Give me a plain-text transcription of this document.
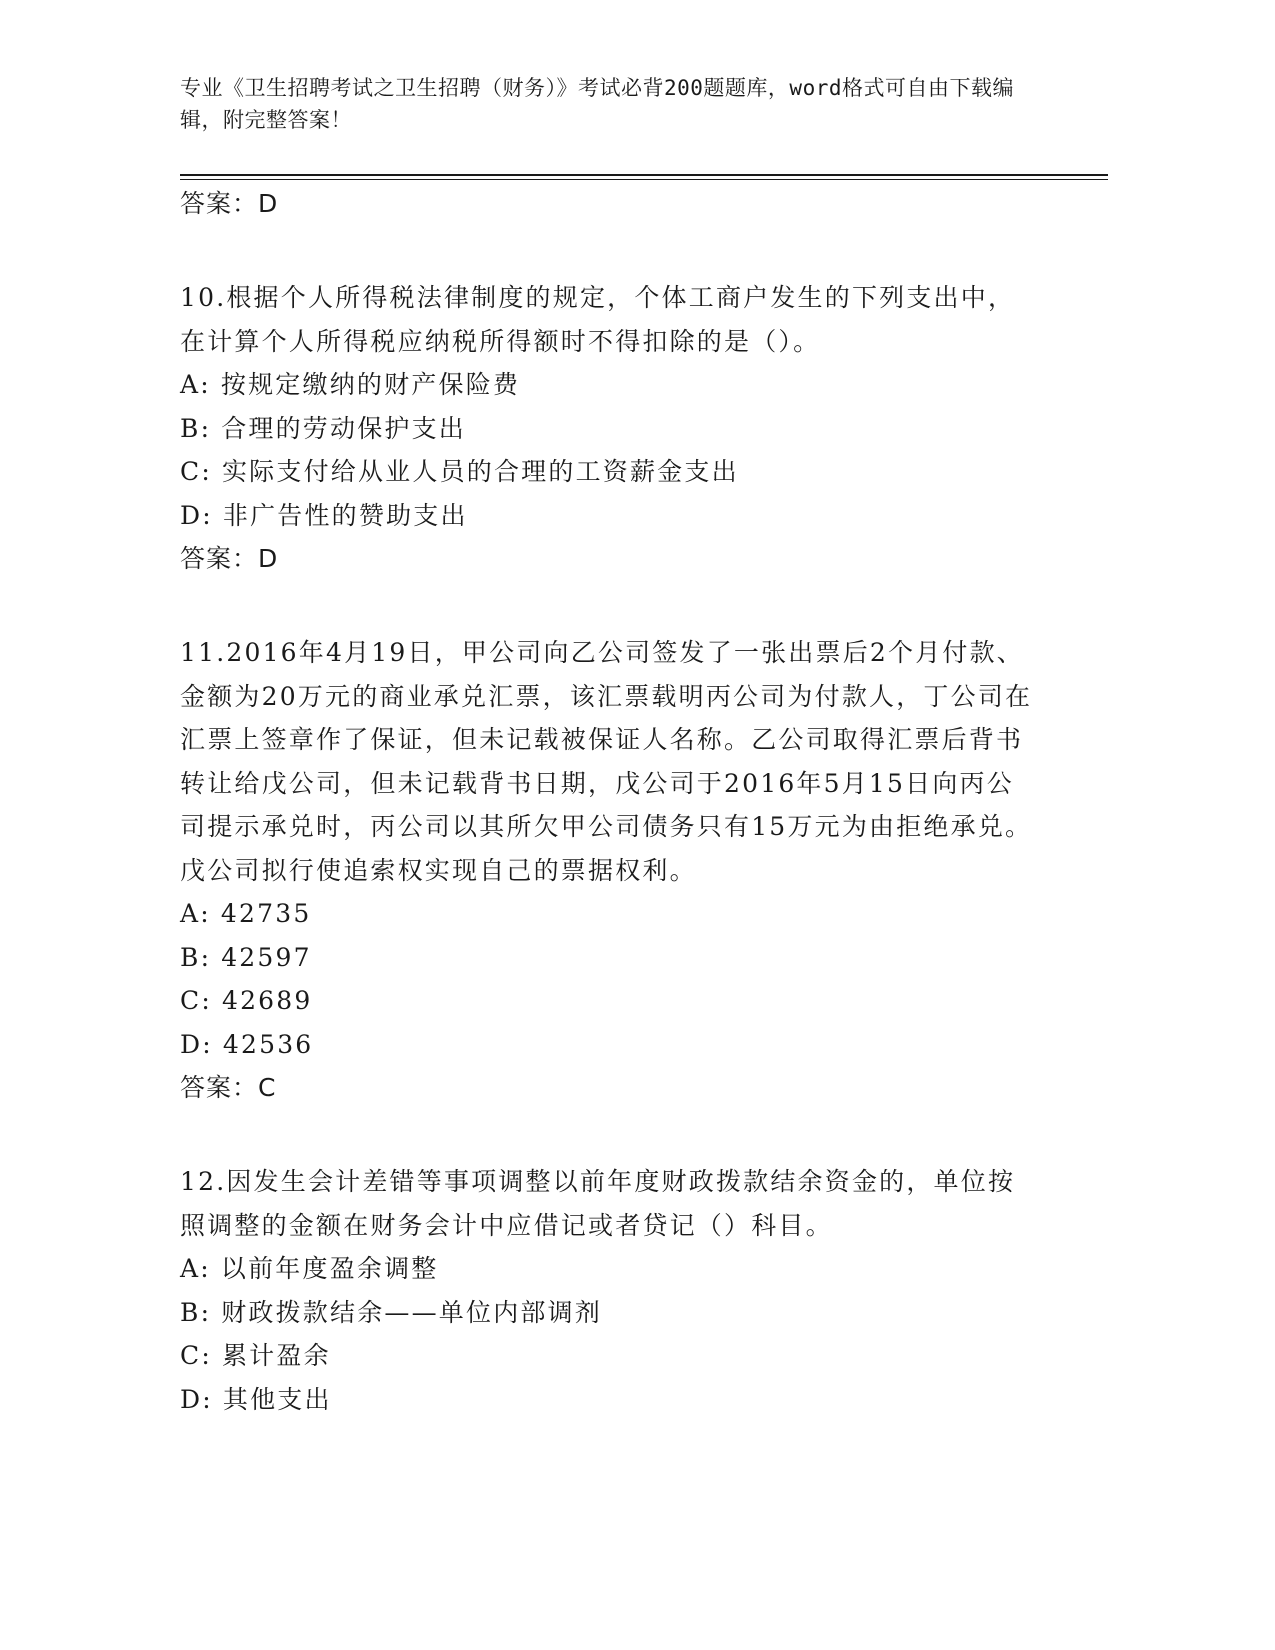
专业《卫生招聘考试之卫生招聘（财务）》考试必背200题题库，word格式可自由下载编辑，附完整答案！

答案：D

10.根据个人所得税法律制度的规定，个体工商户发生的下列支出中，在计算个人所得税应纳税所得额时不得扣除的是（）。

A: 按规定缴纳的财产保险费

B: 合理的劳动保护支出

C: 实际支付给从业人员的合理的工资薪金支出

D: 非广告性的赞助支出

答案：D

11.2016年4月19日，甲公司向乙公司签发了一张出票后2个月付款、金额为20万元的商业承兑汇票，该汇票载明丙公司为付款人，丁公司在汇票上签章作了保证，但未记载被保证人名称。乙公司取得汇票后背书转让给戊公司，但未记载背书日期，戊公司于2016年5月15日向丙公司提示承兑时，丙公司以其所欠甲公司债务只有15万元为由拒绝承兑。戊公司拟行使追索权实现自己的票据权利。

A: 42735

B: 42597

C: 42689

D: 42536

答案：C

12.因发生会计差错等事项调整以前年度财政拨款结余资金的，单位按照调整的金额在财务会计中应借记或者贷记（）科目。

A: 以前年度盈余调整

B: 财政拨款结余——单位内部调剂

C: 累计盈余

D: 其他支出
